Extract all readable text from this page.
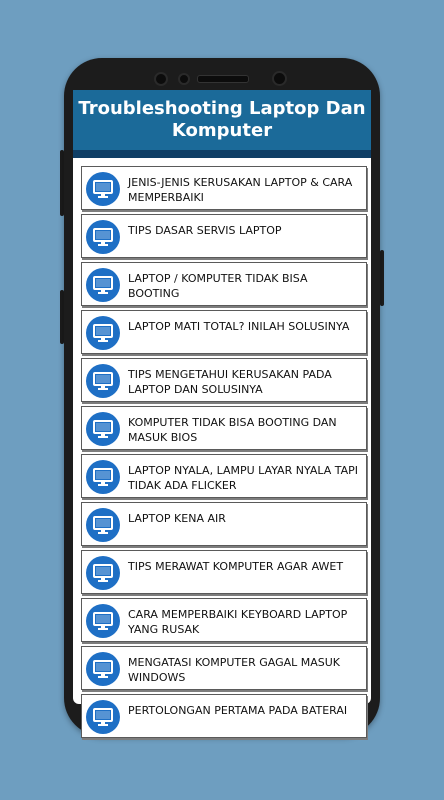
Troubleshooting Laptop Dan
Komputer
JENIS-JENIS KERUSAKAN LAPTOP & CARA MEMPERBAIKI
TIPS DASAR SERVIS LAPTOP
LAPTOP / KOMPUTER TIDAK BISA BOOTING
LAPTOP MATI TOTAL? INILAH SOLUSINYA
TIPS MENGETAHUI KERUSAKAN PADA LAPTOP DAN SOLUSINYA
KOMPUTER TIDAK BISA BOOTING DAN MASUK BIOS
LAPTOP NYALA, LAMPU LAYAR NYALA TAPI TIDAK ADA FLICKER
LAPTOP KENA AIR
TIPS MERAWAT KOMPUTER AGAR AWET
CARA MEMPERBAIKI KEYBOARD LAPTOP YANG RUSAK
MENGATASI KOMPUTER GAGAL MASUK WINDOWS
PERTOLONGAN PERTAMA PADA BATERAI
